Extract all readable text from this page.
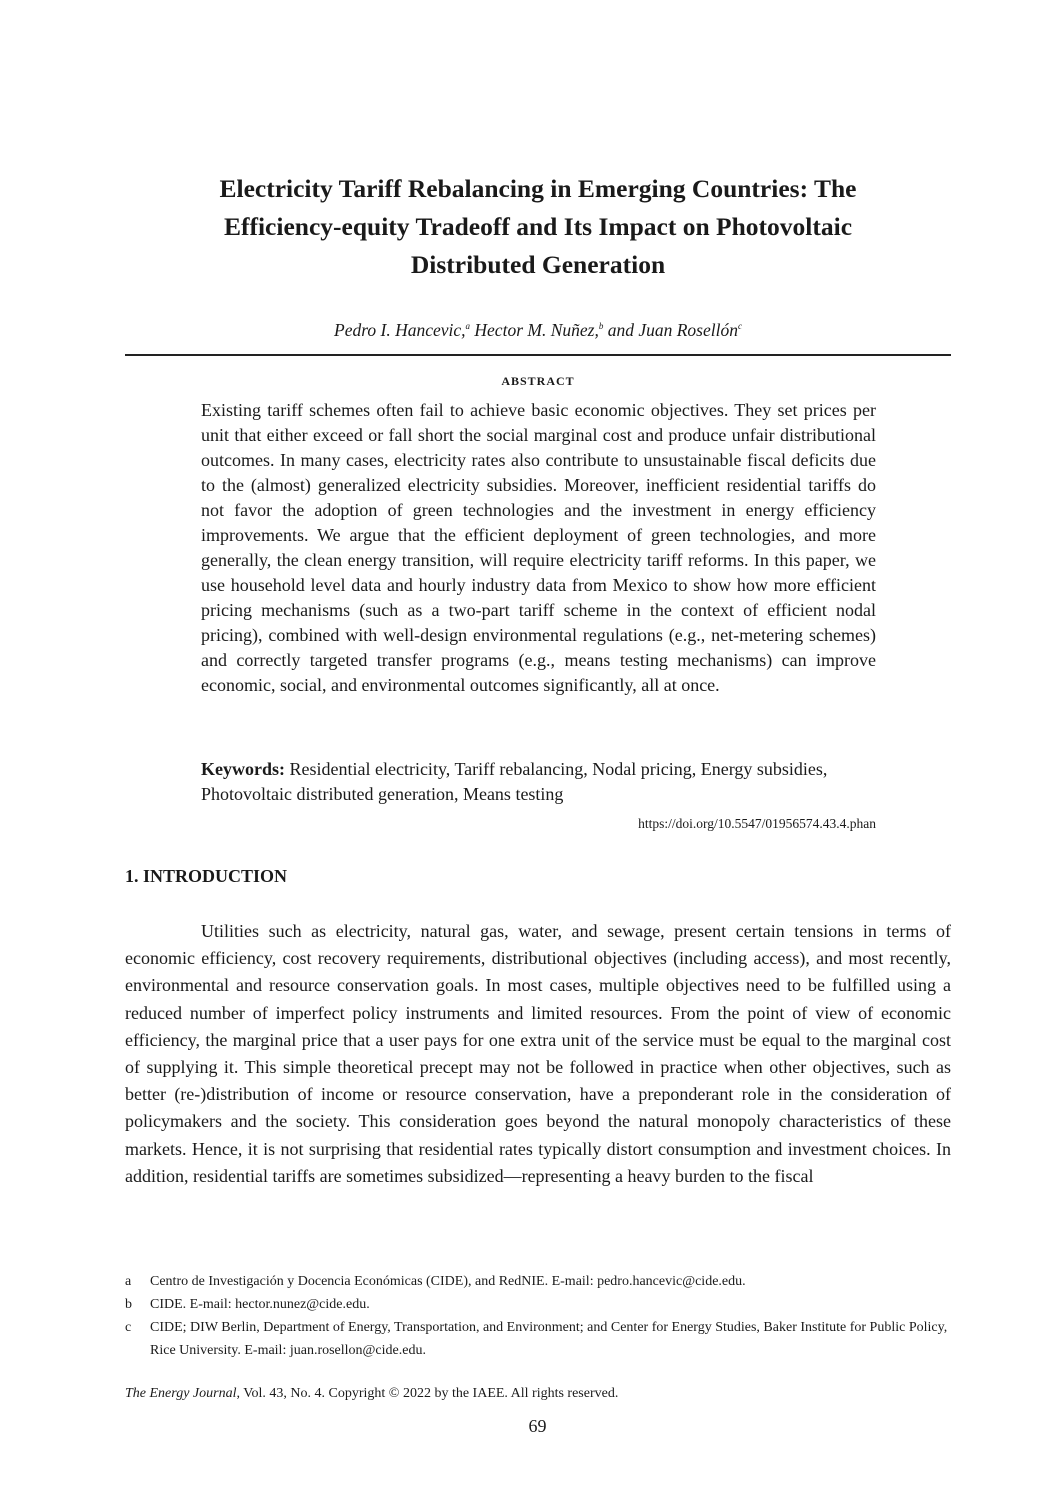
Electricity Tariff Rebalancing in Emerging Countries: The
Efficiency-equity Tradeoff and Its Impact on Photovoltaic
Distributed Generation
Pedro I. Hancevic,$^a$ Hector M. Nuñez,$^b$ and Juan Rosellón$^c$
ABSTRACT

Existing tariff schemes often fail to achieve basic economic objectives. They set prices per unit that either exceed or fall short the social marginal cost and produce unfair distributional outcomes. In many cases, electricity rates also contribute to unsustainable fiscal deficits due to the (almost) generalized electricity subsidies. Moreover, inefficient residential tariffs do not favor the adoption of green technologies and the investment in energy efficiency improvements. We argue that the efficient deployment of green technologies, and more generally, the clean energy transition, will require electricity tariff reforms. In this paper, we use household level data and hourly industry data from Mexico to show how more efficient pricing mechanisms (such as a two-part tariff scheme in the context of efficient nodal pricing), combined with well-design environmental regulations (e.g., net-metering schemes) and correctly targeted transfer programs (e.g., means testing mechanisms) can improve economic, social, and environmental outcomes significantly, all at once.

Keywords: Residential electricity, Tariff rebalancing, Nodal pricing, Energy subsidies, Photovoltaic distributed generation, Means testing

https://doi.org/10.5547/01956574.43.4.phan
1. INTRODUCTION

Utilities such as electricity, natural gas, water, and sewage, present certain tensions in terms of economic efficiency, cost recovery requirements, distributional objectives (including access), and most recently, environmental and resource conservation goals. In most cases, multiple objectives need to be fulfilled using a reduced number of imperfect policy instruments and limited resources. From the point of view of economic efficiency, the marginal price that a user pays for one extra unit of the service must be equal to the marginal cost of supplying it. This simple theoretical precept may not be followed in practice when other objectives, such as better (re-)distribution of income or resource conservation, have a preponderant role in the consideration of policymakers and the society. This consideration goes beyond the natural monopoly characteristics of these markets. Hence, it is not surprising that residential rates typically distort consumption and investment choices. In addition, residential tariffs are sometimes subsidized—representing a heavy burden to the fiscal

a Centro de Investigación y Docencia Económicas (CIDE), and RedNIE. E-mail: pedro.hancevic@cide.edu.
b CIDE. E-mail: hector.nunez@cide.edu.
c CIDE; DIW Berlin, Department of Energy, Transportation, and Environment; and Center for Energy Studies, Baker Institute for Public Policy, Rice University. E-mail: juan.rosellon@cide.edu.
The Energy Journal, Vol. 43, No. 4. Copyright © 2022 by the IAEE. All rights reserved.
69
